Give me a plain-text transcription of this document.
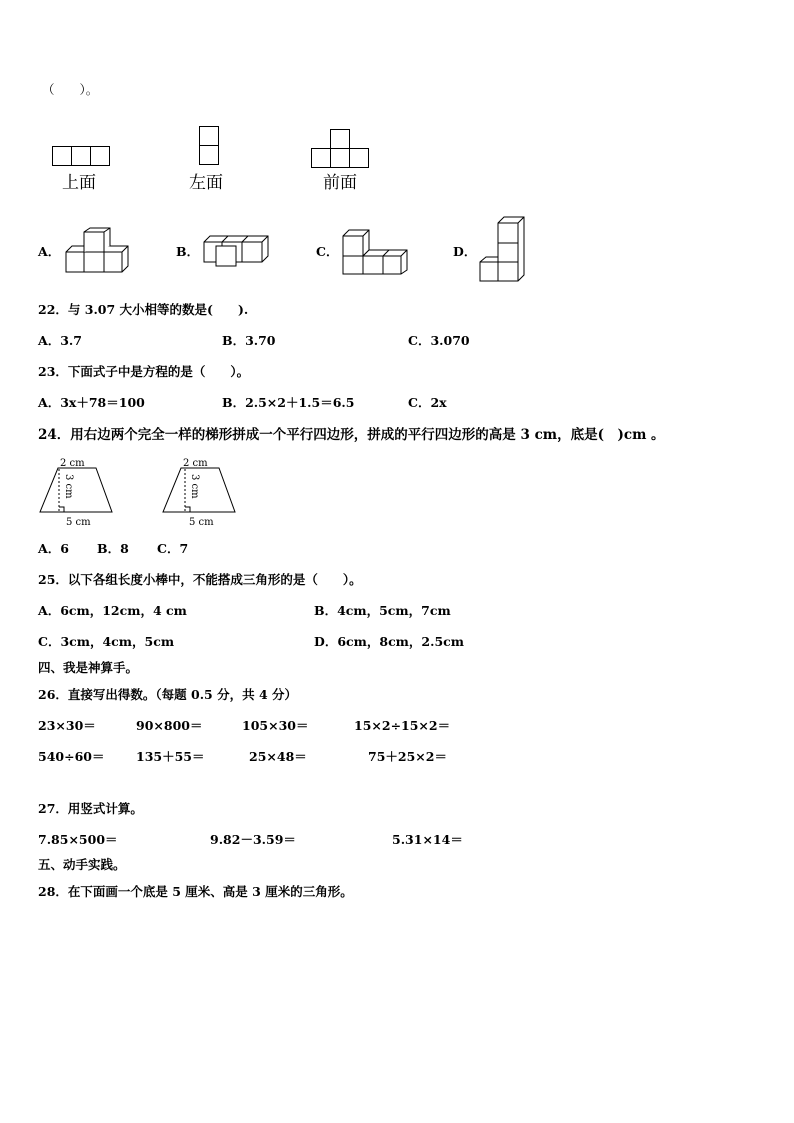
（　　）。
上面	左面	前面
A．	B．	C．	D．
22．与 3.07 大小相等的数是(　　).
A．3.7	B．3.70	C．3.070
23．下面式子中是方程的是（　　）。
A．3x＋78＝100	B．2.5×2＋1.5＝6.5	C．2x
24．用右边两个完全一样的梯形拼成一个平行四边形，拼成的平行四边形的高是 3 cm，底是(　)cm 。
2 cm
3 cm
5 cm
2 cm
3 cm
5 cm
A．6 B．8 C．7
25．以下各组长度小棒中，不能搭成三角形的是（　　）。
A．6cm，12cm，4 cm	B．4cm，5cm，7cm
C．3cm，4cm，5cm	D．6cm，8cm，2.5cm
四、我是神算手。
26．直接写出得数。（每题 0.5 分，共 4 分）
23×30＝	90×800＝	105×30＝	15×2÷15×2＝
540÷60＝	135＋55＝	25×48＝	75＋25×2＝
27．用竖式计算。
7.85×500＝	9.82－3.59＝	5.31×14＝
五、动手实践。
28．在下面画一个底是 5 厘米、高是 3 厘米的三角形。
